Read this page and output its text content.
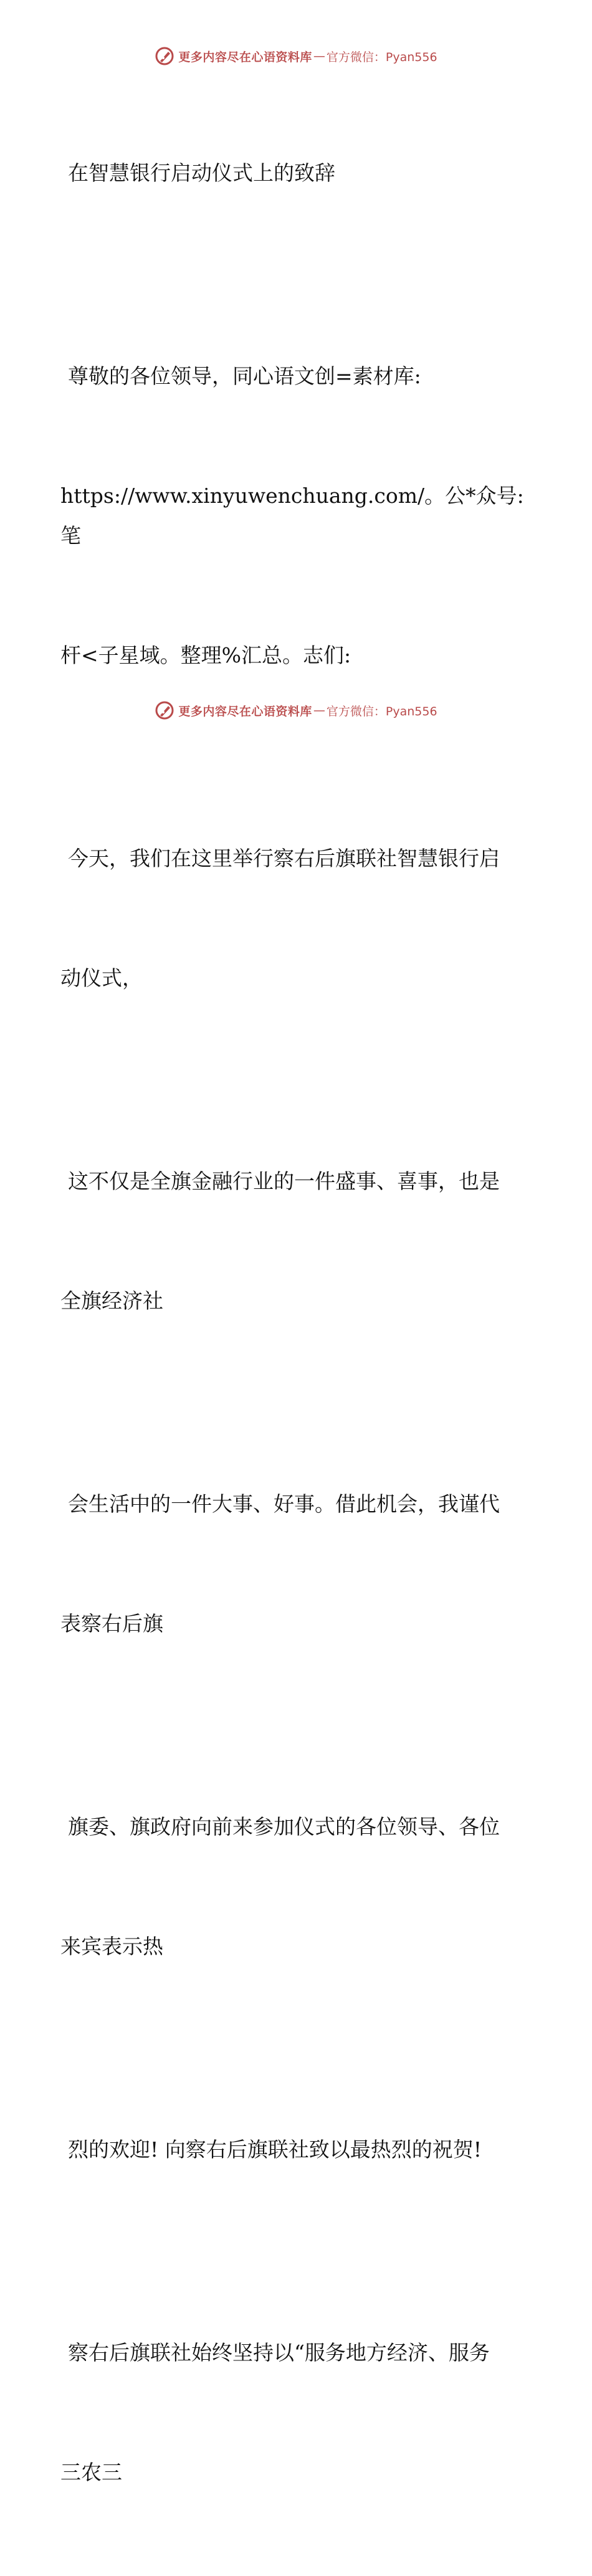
更多内容尽在心语资料库 — 官方微信：Pyan556

在智慧银行启动仪式上的致辞

尊敬的各位领导，同心语文创=素材库:

https://www.xinyuwenchuang.com/。公*众号: 笔

杆<子星域。整理%汇总。志们:

今天，我们在这里举行察右后旗联社智慧银行启

动仪式，

这不仅是全旗金融行业的一件盛事、喜事，也是

全旗经济社

会生活中的一件大事、好事。借此机会，我谨代

表察右后旗

旗委、旗政府向前来参加仪式的各位领导、各位

来宾表示热

烈的欢迎! 向察右后旗联社致以最热烈的祝贺!

察右后旗联社始终坚持以“服务地方经济、服务

三农三

更多内容尽在心语资料库 — 官方微信：Pyan556
